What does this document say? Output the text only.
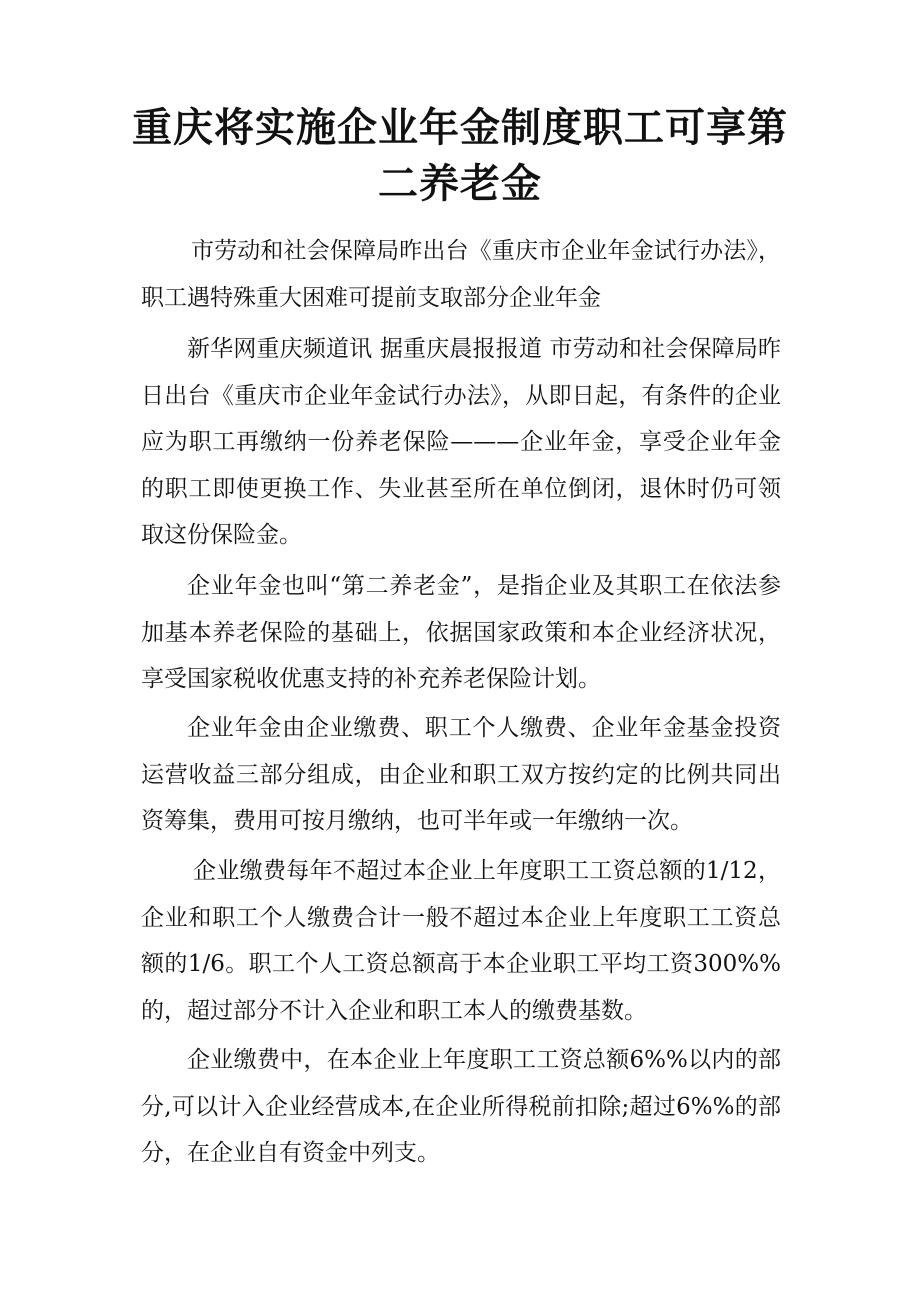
重庆将实施企业年金制度职工可享第二养老金

市劳动和社会保障局昨出台《重庆市企业年金试行办法》，职工遇特殊重大困难可提前支取部分企业年金

新华网重庆频道讯 据重庆晨报报道 市劳动和社会保障局昨日出台《重庆市企业年金试行办法》，从即日起，有条件的企业应为职工再缴纳一份养老保险———企业年金，享受企业年金的职工即使更换工作、失业甚至所在单位倒闭，退休时仍可领取这份保险金。

企业年金也叫“第二养老金”，是指企业及其职工在依法参加基本养老保险的基础上，依据国家政策和本企业经济状况，享受国家税收优惠支持的补充养老保险计划。

企业年金由企业缴费、职工个人缴费、企业年金基金投资运营收益三部分组成，由企业和职工双方按约定的比例共同出资筹集，费用可按月缴纳，也可半年或一年缴纳一次。

企业缴费每年不超过本企业上年度职工工资总额的1/12，企业和职工个人缴费合计一般不超过本企业上年度职工工资总额的1/6。职工个人工资总额高于本企业职工平均工资300%%的，超过部分不计入企业和职工本人的缴费基数。

企业缴费中，在本企业上年度职工工资总额6%%以内的部分,可以计入企业经营成本,在企业所得税前扣除;超过6%%的部分，在企业自有资金中列支。
